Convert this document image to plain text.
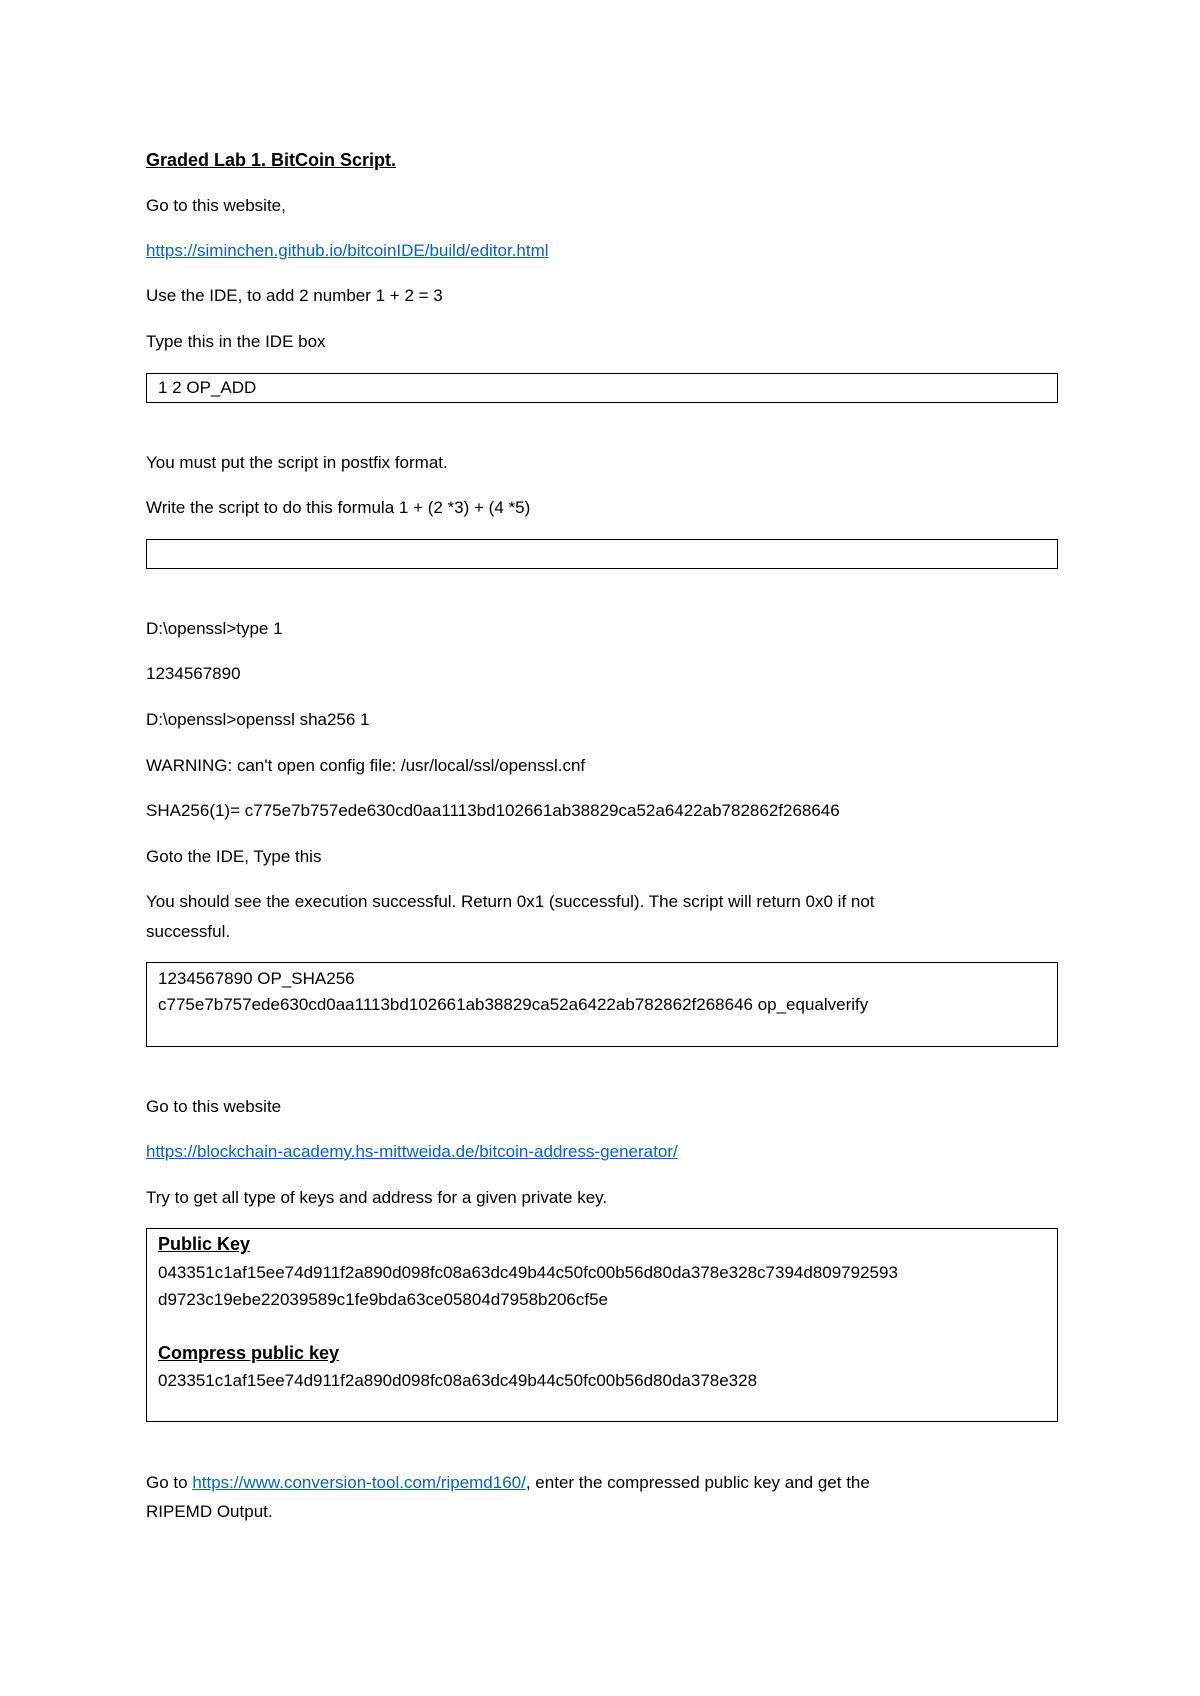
Graded Lab 1. BitCoin Script.
Go to this website,
https://siminchen.github.io/bitcoinIDE/build/editor.html
Use the IDE, to add 2 number 1 + 2 = 3
Type this in the IDE box
1 2 OP_ADD
You must put the script in postfix format.
Write the script to do this formula 1 + (2 *3) + (4 *5)
D:\openssl>type 1
1234567890
D:\openssl>openssl sha256 1
WARNING: can't open config file: /usr/local/ssl/openssl.cnf
SHA256(1)= c775e7b757ede630cd0aa1113bd102661ab38829ca52a6422ab782862f268646
Goto the IDE, Type this
You should see the execution successful. Return 0x1 (successful). The script will return 0x0 if not
successful.
1234567890 OP_SHA256
c775e7b757ede630cd0aa1113bd102661ab38829ca52a6422ab782862f268646 op_equalverify
Go to this website
https://blockchain-academy.hs-mittweida.de/bitcoin-address-generator/
Try to get all type of keys and address for a given private key.
Public Key
043351c1af15ee74d911f2a890d098fc08a63dc49b44c50fc00b56d80da378e328c7394d809792593
d9723c19ebe22039589c1fe9bda63ce05804d7958b206cf5e
Compress public key
023351c1af15ee74d911f2a890d098fc08a63dc49b44c50fc00b56d80da378e328
Go to https://www.conversion-tool.com/ripemd160/, enter the compressed public key and get the
RIPEMD Output.
